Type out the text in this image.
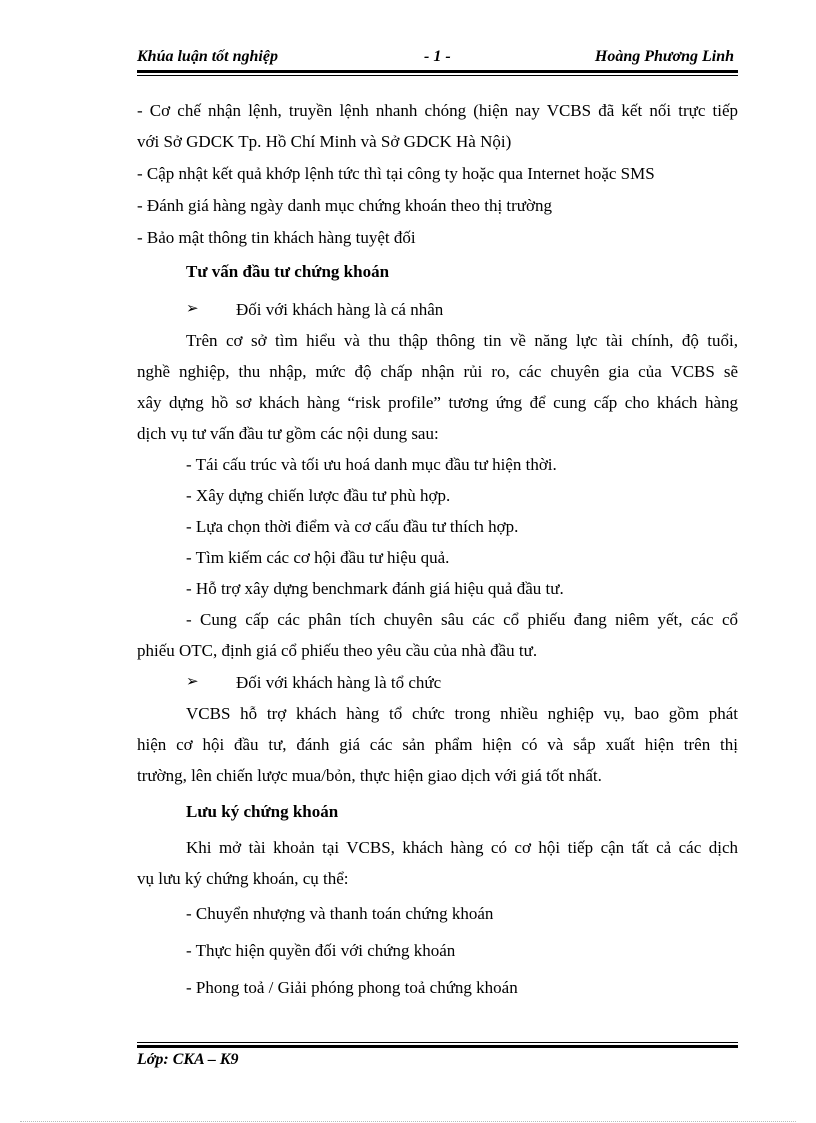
Khúa luận tốt nghiệp	- 1 -	Hoàng Phương Linh
- Cơ chế nhận lệnh, truyền lệnh nhanh chóng (hiện nay VCBS đã kết nối trực tiếp
với Sở GDCK Tp. Hồ Chí Minh và Sở GDCK Hà Nội)
- Cập nhật kết quả khớp lệnh tức thì tại công ty hoặc qua Internet hoặc SMS
- Đánh giá hàng ngày danh mục chứng khoán theo thị trường
- Bảo mật thông tin khách hàng tuyệt đối
Tư vấn đầu tư chứng khoán
➢ Đối với khách hàng là cá nhân
Trên cơ sở tìm hiểu và thu thập thông tin về năng lực tài chính, độ tuổi,
nghề nghiệp, thu nhập, mức độ chấp nhận rủi ro, các chuyên gia của VCBS sẽ
xây dựng hồ sơ khách hàng “risk profile” tương ứng để cung cấp cho khách hàng
dịch vụ tư vấn đầu tư gồm các nội dung sau:
- Tái cấu trúc và tối ưu hoá danh mục đầu tư hiện thời.
- Xây dựng chiến lược đầu tư phù hợp.
- Lựa chọn thời điểm và cơ cấu đầu tư thích hợp.
- Tìm kiếm các cơ hội đầu tư hiệu quả.
- Hỗ trợ xây dựng benchmark đánh giá hiệu quả đầu tư.
- Cung cấp các phân tích chuyên sâu các cổ phiếu đang niêm yết, các cổ
phiếu OTC, định giá cổ phiếu theo yêu cầu của nhà đầu tư.
➢ Đối với khách hàng là tổ chức
VCBS hỗ trợ khách hàng tổ chức trong nhiều nghiệp vụ, bao gồm phát
hiện cơ hội đầu tư, đánh giá các sản phẩm hiện có và sắp xuất hiện trên thị
trường, lên chiến lược mua/bỏn, thực hiện giao dịch với giá tốt nhất.
Lưu ký chứng khoán
Khi mở tài khoản tại VCBS, khách hàng có cơ hội tiếp cận tất cả các dịch
vụ lưu ký chứng khoán, cụ thể:
- Chuyển nhượng và thanh toán chứng khoán
- Thực hiện quyền đối với chứng khoán
- Phong toả / Giải phóng phong toả chứng khoán
Lớp: CKA – K9
